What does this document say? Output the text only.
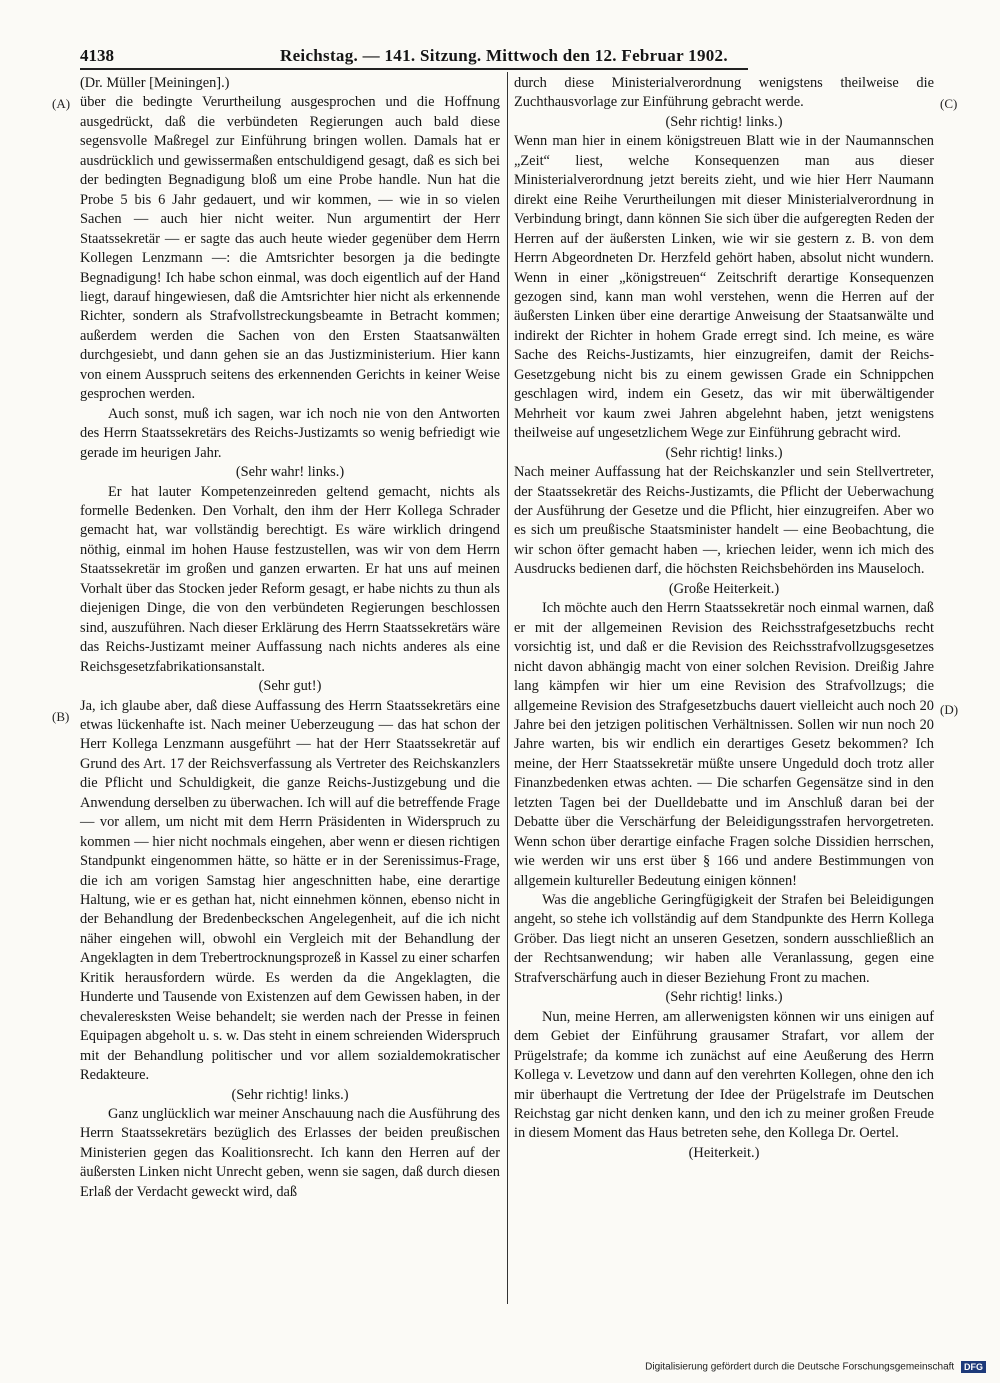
4138	Reichstag. — 141. Sitzung. Mittwoch den 12. Februar 1902.
(A)
(B)
(C)
(D)

(Dr. Müller [Meiningen].)

über die bedingte Verurtheilung ausgesprochen und die Hoffnung ausgedrückt, daß die verbündeten Regierungen auch bald diese segensvolle Maßregel zur Einführung bringen wollen. Damals hat er ausdrücklich und gewissermaßen entschuldigend gesagt, daß es sich bei der bedingten Begnadigung bloß um eine Probe handle. Nun hat die Probe 5 bis 6 Jahr gedauert, und wir kommen, — wie in so vielen Sachen — auch hier nicht weiter. Nun argumentirt der Herr Staatssekretär — er sagte das auch heute wieder gegenüber dem Herrn Kollegen Lenzmann —: die Amtsrichter besorgen ja die bedingte Begnadigung! Ich habe schon einmal, was doch eigentlich auf der Hand liegt, darauf hingewiesen, daß die Amtsrichter hier nicht als erkennende Richter, sondern als Strafvollstreckungsbeamte in Betracht kommen; außerdem werden die Sachen von den Ersten Staatsanwälten durchgesiebt, und dann gehen sie an das Justizministerium. Hier kann von einem Ausspruch seitens des erkennenden Gerichts in keiner Weise gesprochen werden.

Auch sonst, muß ich sagen, war ich noch nie von den Antworten des Herrn Staatssekretärs des Reichs-Justizamts so wenig befriedigt wie gerade im heurigen Jahr.

(Sehr wahr! links.)

Er hat lauter Kompetenzeinreden geltend gemacht, nichts als formelle Bedenken. Den Vorhalt, den ihm der Herr Kollega Schrader gemacht hat, war vollständig berechtigt. Es wäre wirklich dringend nöthig, einmal im hohen Hause festzustellen, was wir von dem Herrn Staatssekretär im großen und ganzen erwarten. Er hat uns auf meinen Vorhalt über das Stocken jeder Reform gesagt, er habe nichts zu thun als diejenigen Dinge, die von den verbündeten Regierungen beschlossen sind, auszuführen. Nach dieser Erklärung des Herrn Staatssekretärs wäre das Reichs-Justizamt meiner Auffassung nach nichts anderes als eine Reichsgesetzfabrikationsanstalt.

(Sehr gut!)

Ja, ich glaube aber, daß diese Auffassung des Herrn Staatssekretärs eine etwas lückenhafte ist. Nach meiner Ueberzeugung — das hat schon der Herr Kollega Lenzmann ausgeführt — hat der Herr Staatssekretär auf Grund des Art. 17 der Reichsverfassung als Vertreter des Reichskanzlers die Pflicht und Schuldigkeit, die ganze Reichs-Justizgebung und die Anwendung derselben zu überwachen. Ich will auf die betreffende Frage — vor allem, um nicht mit dem Herrn Präsidenten in Widerspruch zu kommen — hier nicht nochmals eingehen, aber wenn er diesen richtigen Standpunkt eingenommen hätte, so hätte er in der Serenissimus-Frage, die ich am vorigen Samstag hier angeschnitten habe, eine derartige Haltung, wie er es gethan hat, nicht einnehmen können, ebenso nicht in der Behandlung der Bredenbeckschen Angelegenheit, auf die ich nicht näher eingehen will, obwohl ein Vergleich mit der Behandlung der Angeklagten in dem Trebertrocknungsprozeß in Kassel zu einer scharfen Kritik herausfordern würde. Es werden da die Angeklagten, die Hunderte und Tausende von Existenzen auf dem Gewissen haben, in der chevaleresksten Weise behandelt; sie werden nach der Presse in feinen Equipagen abgeholt u. s. w. Das steht in einem schreienden Widerspruch mit der Behandlung politischer und vor allem sozialdemokratischer Redakteure.

(Sehr richtig! links.)

Ganz unglücklich war meiner Anschauung nach die Ausführung des Herrn Staatssekretärs bezüglich des Erlasses der beiden preußischen Ministerien gegen das Koalitionsrecht. Ich kann den Herren auf der äußersten Linken nicht Unrecht geben, wenn sie sagen, daß durch diesen Erlaß der Verdacht geweckt wird, daß

durch diese Ministerialverordnung wenigstens theilweise die Zuchthausvorlage zur Einführung gebracht werde.

(Sehr richtig! links.)

Wenn man hier in einem königstreuen Blatt wie in der Naumannschen „Zeit“ liest, welche Konsequenzen man aus dieser Ministerialverordnung jetzt bereits zieht, und wie hier Herr Naumann direkt eine Reihe Verurtheilungen mit dieser Ministerialverordnung in Verbindung bringt, dann können Sie sich über die aufgeregten Reden der Herren auf der äußersten Linken, wie wir sie gestern z. B. von dem Herrn Abgeordneten Dr. Herzfeld gehört haben, absolut nicht wundern. Wenn in einer „königstreuen“ Zeitschrift derartige Konsequenzen gezogen sind, kann man wohl verstehen, wenn die Herren auf der äußersten Linken über eine derartige Anweisung der Staatsanwälte und indirekt der Richter in hohem Grade erregt sind. Ich meine, es wäre Sache des Reichs-Justizamts, hier einzugreifen, damit der Reichs-Gesetzgebung nicht bis zu einem gewissen Grade ein Schnippchen geschlagen wird, indem ein Gesetz, das wir mit überwältigender Mehrheit vor kaum zwei Jahren abgelehnt haben, jetzt wenigstens theilweise auf ungesetzlichem Wege zur Einführung gebracht wird.

(Sehr richtig! links.)

Nach meiner Auffassung hat der Reichskanzler und sein Stellvertreter, der Staatssekretär des Reichs-Justizamts, die Pflicht der Ueberwachung der Ausführung der Gesetze und die Pflicht, hier einzugreifen. Aber wo es sich um preußische Staatsminister handelt — eine Beobachtung, die wir schon öfter gemacht haben —, kriechen leider, wenn ich mich des Ausdrucks bedienen darf, die höchsten Reichsbehörden ins Mauseloch.

(Große Heiterkeit.)

Ich möchte auch den Herrn Staatssekretär noch einmal warnen, daß er mit der allgemeinen Revision des Reichsstrafgesetzbuchs recht vorsichtig ist, und daß er die Revision des Reichsstrafvollzugsgesetzes nicht davon abhängig macht von einer solchen Revision. Dreißig Jahre lang kämpfen wir hier um eine Revision des Strafvollzugs; die allgemeine Revision des Strafgesetzbuchs dauert vielleicht auch noch 20 Jahre bei den jetzigen politischen Verhältnissen. Sollen wir nun noch 20 Jahre warten, bis wir endlich ein derartiges Gesetz bekommen? Ich meine, der Herr Staatssekretär müßte unsere Ungeduld doch trotz aller Finanzbedenken etwas achten. — Die scharfen Gegensätze sind in den letzten Tagen bei der Duelldebatte und im Anschluß daran bei der Debatte über die Verschärfung der Beleidigungsstrafen hervorgetreten. Wenn schon über derartige einfache Fragen solche Dissidien herrschen, wie werden wir uns erst über § 166 und andere Bestimmungen von allgemein kultureller Bedeutung einigen können!

Was die angebliche Geringfügigkeit der Strafen bei Beleidigungen angeht, so stehe ich vollständig auf dem Standpunkte des Herrn Kollega Gröber. Das liegt nicht an unseren Gesetzen, sondern ausschließlich an der Rechtsanwendung; wir haben alle Veranlassung, gegen eine Strafverschärfung auch in dieser Beziehung Front zu machen.

(Sehr richtig! links.)

Nun, meine Herren, am allerwenigsten können wir uns einigen auf dem Gebiet der Einführung grausamer Strafart, vor allem der Prügelstrafe; da komme ich zunächst auf eine Aeußerung des Herrn Kollega v. Levetzow und dann auf den verehrten Kollegen, ohne den ich mir überhaupt die Vertretung der Idee der Prügelstrafe im Deutschen Reichstag gar nicht denken kann, und den ich zu meiner großen Freude in diesem Moment das Haus betreten sehe, den Kollega Dr. Oertel.

(Heiterkeit.)

Digitalisierung gefördert durch die Deutsche Forschungsgemeinschaft DFG
